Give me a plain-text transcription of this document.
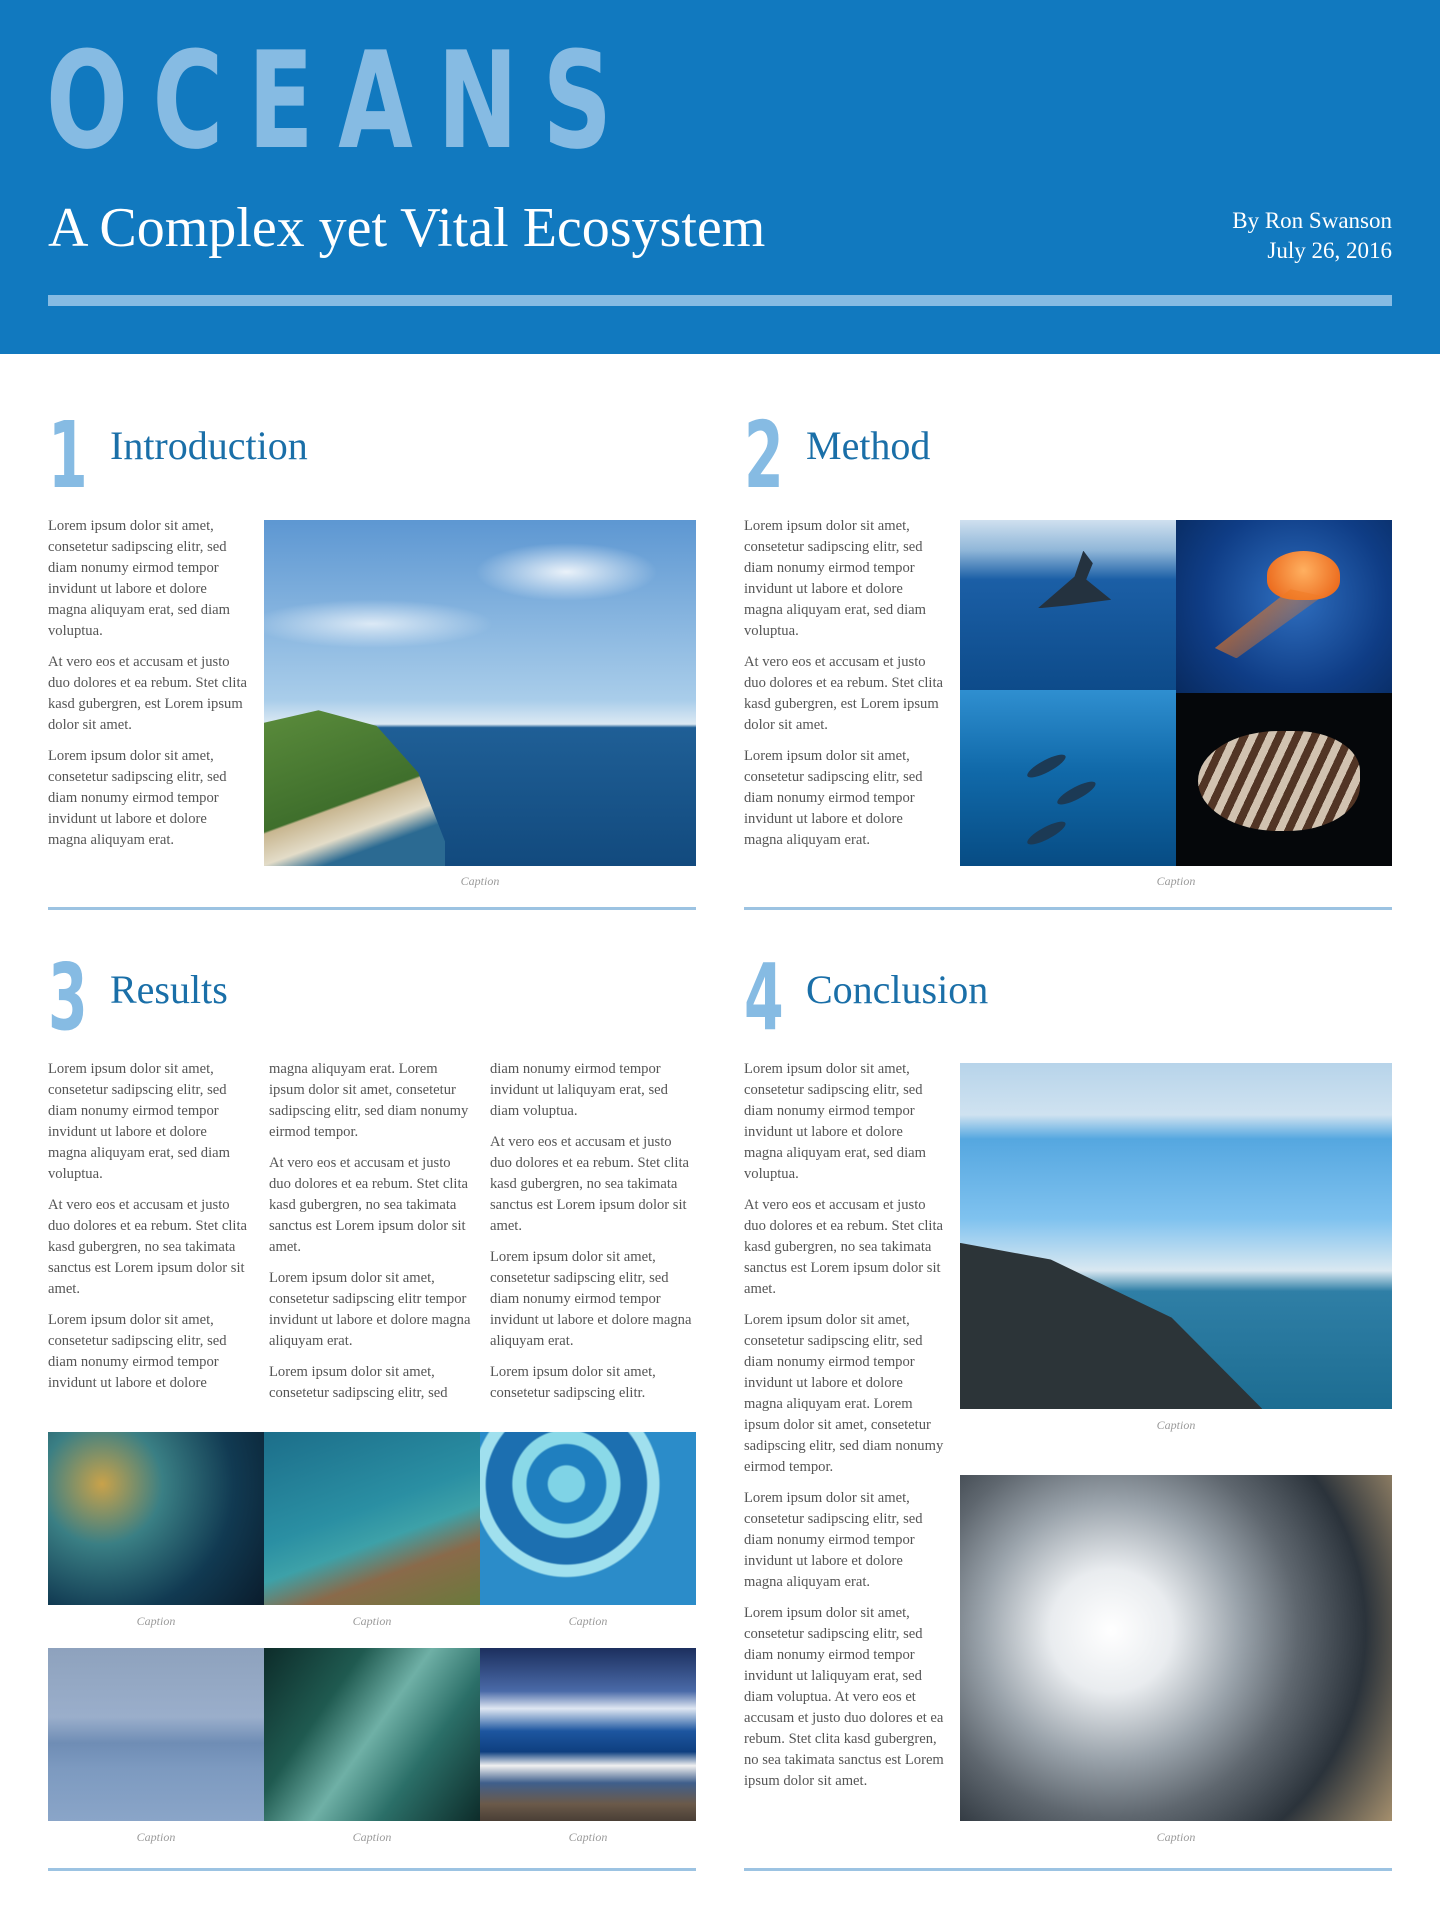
OCEANS
A Complex yet Vital Ecosystem	By Ron Swanson
July 26, 2016
1 Introduction

Lorem ipsum dolor sit amet, consetetur sadipscing elitr, sed diam nonumy eirmod tempor invidunt ut labore et dolore magna aliquyam erat, sed diam voluptua.

At vero eos et accusam et justo duo dolores et ea rebum. Stet clita kasd gubergren, est Lorem ipsum dolor sit amet.

Lorem ipsum dolor sit amet, consetetur sadipscing elitr, sed diam nonumy eirmod tempor invidunt ut labore et dolore magna aliquyam erat.

Caption
2 Method

Lorem ipsum dolor sit amet, consetetur sadipscing elitr, sed diam nonumy eirmod tempor invidunt ut labore et dolore magna aliquyam erat, sed diam voluptua.

At vero eos et accusam et justo duo dolores et ea rebum. Stet clita kasd gubergren, est Lorem ipsum dolor sit amet.

Lorem ipsum dolor sit amet, consetetur sadipscing elitr, sed diam nonumy eirmod tempor invidunt ut labore et dolore magna aliquyam erat.

Caption
3 Results

Lorem ipsum dolor sit amet, consetetur sadipscing elitr, sed diam nonumy eirmod tempor invidunt ut labore et dolore magna aliquyam erat, sed diam voluptua.

At vero eos et accusam et justo duo dolores et ea rebum. Stet clita kasd gubergren, no sea takimata sanctus est Lorem ipsum dolor sit amet.

Lorem ipsum dolor sit amet, consetetur sadipscing elitr, sed diam nonumy eirmod tempor invidunt ut labore et dolore

magna aliquyam erat. Lorem ipsum dolor sit amet, consetetur sadipscing elitr, sed diam nonumy eirmod tempor.

At vero eos et accusam et justo duo dolores et ea rebum. Stet clita kasd gubergren, no sea takimata sanctus est Lorem ipsum dolor sit amet.

Lorem ipsum dolor sit amet, consetetur sadipscing elitr tempor invidunt ut labore et dolore magna aliquyam erat.

Lorem ipsum dolor sit amet, consetetur sadipscing elitr, sed

diam nonumy eirmod tempor invidunt ut laliquyam erat, sed diam voluptua.

At vero eos et accusam et justo duo dolores et ea rebum. Stet clita kasd gubergren, no sea takimata sanctus est Lorem ipsum dolor sit amet.

Lorem ipsum dolor sit amet, consetetur sadipscing elitr, sed diam nonumy eirmod tempor invidunt ut labore et dolore magna aliquyam erat.

Lorem ipsum dolor sit amet, consetetur sadipscing elitr.

Caption	Caption	Caption
Caption	Caption	Caption
4 Conclusion

Lorem ipsum dolor sit amet, consetetur sadipscing elitr, sed diam nonumy eirmod tempor invidunt ut labore et dolore magna aliquyam erat, sed diam voluptua.

At vero eos et accusam et justo duo dolores et ea rebum. Stet clita kasd gubergren, no sea takimata sanctus est Lorem ipsum dolor sit amet.

Lorem ipsum dolor sit amet, consetetur sadipscing elitr, sed diam nonumy eirmod tempor invidunt ut labore et dolore magna aliquyam erat. Lorem ipsum dolor sit amet, consetetur sadipscing elitr, sed diam nonumy eirmod tempor.

Lorem ipsum dolor sit amet, consetetur sadipscing elitr, sed diam nonumy eirmod tempor invidunt ut labore et dolore magna aliquyam erat.

Lorem ipsum dolor sit amet, consetetur sadipscing elitr, sed diam nonumy eirmod tempor invidunt ut laliquyam erat, sed diam voluptua. At vero eos et accusam et justo duo dolores et ea rebum. Stet clita kasd gubergren, no sea takimata sanctus est Lorem ipsum dolor sit amet.

Caption
Caption
